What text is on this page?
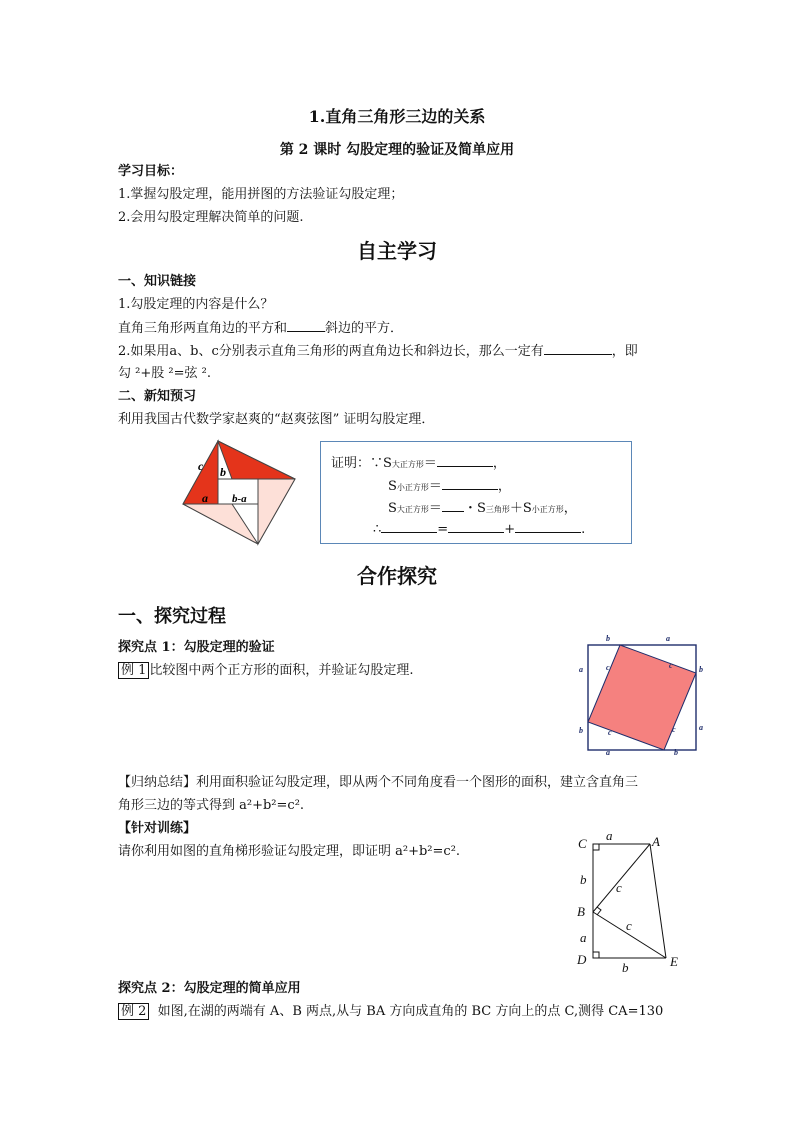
1.直角三角形三边的关系
第 2 课时 勾股定理的验证及简单应用
学习目标：
1.掌握勾股定理，能用拼图的方法验证勾股定理；
2.会用勾股定理解决简单的问题.
自主学习
一、知识链接
1.勾股定理的内容是什么？
直角三角形两直角边的平方和	斜边的平方．
2.如果用a、b、c分别表示直角三角形的两直角边长和斜边长，那么一定有	，即
勾 ²+股 ²=弦 ².
二、新知预习
利用我国古代数学家赵爽的“赵爽弦图” 证明勾股定理．
c b
a b-a
证明：∵S大正方形＝	，
S小正方形＝	，
S大正方形＝ ・S三角形＋S小正方形，
∴	=	+	.
合作探究
一、探究过程
探究点 1：勾股定理的验证
例 1 比较图中两个正方形的面积，并验证勾股定理.
b	a
a
b
b
a
a	b
c	c
c	c
【归纳总结】利用面积验证勾股定理，即从两个不同角度看一个图形的面积，建立含直角三
角形三边的等式得到 a²+b²=c².
【针对训练】
请你利用如图的直角梯形验证勾股定理，即证明 a²+b²=c².
C	A
B
D	E
a
b
a
b
c
c
探究点 2：勾股定理的简单应用
例 2 如图,在湖的两端有 A、B 两点,从与 BA 方向成直角的 BC 方向上的点 C,测得 CA=130
